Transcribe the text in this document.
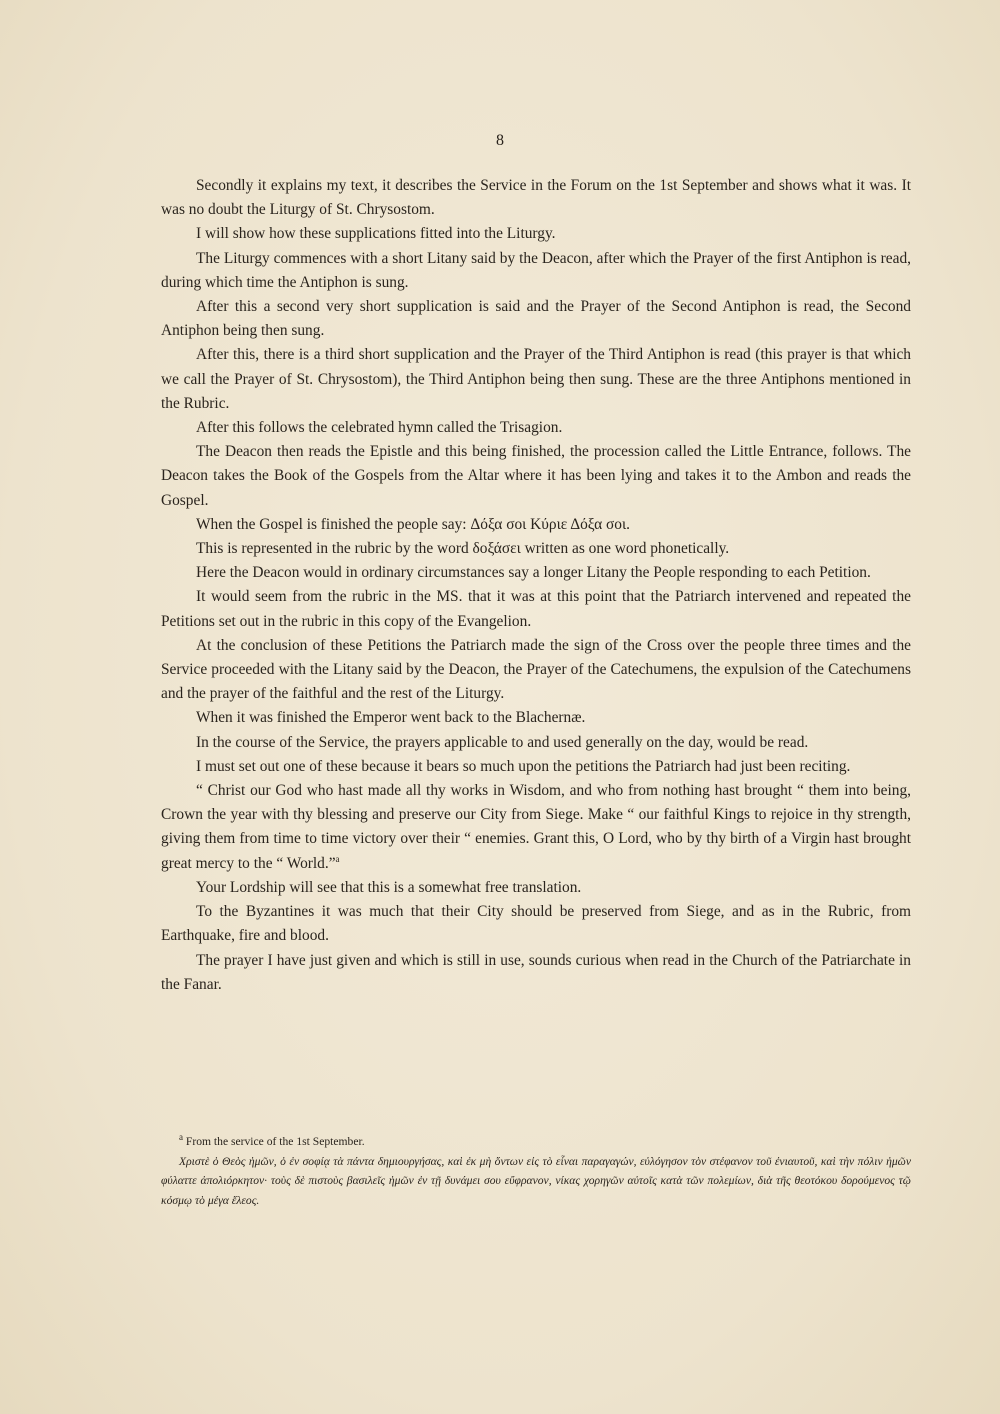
8

Secondly it explains my text, it describes the Service in the Forum on the 1st September and shows what it was. It was no doubt the Liturgy of St. Chrysostom.

I will show how these supplications fitted into the Liturgy.

The Liturgy commences with a short Litany said by the Deacon, after which the Prayer of the first Antiphon is read, during which time the Antiphon is sung.

After this a second very short supplication is said and the Prayer of the Second Antiphon is read, the Second Antiphon being then sung.

After this, there is a third short supplication and the Prayer of the Third Antiphon is read (this prayer is that which we call the Prayer of St. Chrysostom), the Third Antiphon being then sung. These are the three Antiphons mentioned in the Rubric.

After this follows the celebrated hymn called the Trisagion.

The Deacon then reads the Epistle and this being finished, the procession called the Little Entrance, follows. The Deacon takes the Book of the Gospels from the Altar where it has been lying and takes it to the Ambon and reads the Gospel.

When the Gospel is finished the people say: Δόξα σοι Κύριε Δόξα σοι.

This is represented in the rubric by the word δοξάσει written as one word phonetically.

Here the Deacon would in ordinary circumstances say a longer Litany the People responding to each Petition.

It would seem from the rubric in the MS. that it was at this point that the Patriarch intervened and repeated the Petitions set out in the rubric in this copy of the Evangelion.

At the conclusion of these Petitions the Patriarch made the sign of the Cross over the people three times and the Service proceeded with the Litany said by the Deacon, the Prayer of the Catechumens, the expulsion of the Catechumens and the prayer of the faithful and the rest of the Liturgy.

When it was finished the Emperor went back to the Blachernæ.

In the course of the Service, the prayers applicable to and used generally on the day, would be read.

I must set out one of these because it bears so much upon the petitions the Patriarch had just been reciting.

“ Christ our God who hast made all thy works in Wisdom, and who from nothing hast brought “ them into being, Crown the year with thy blessing and preserve our City from Siege. Make “ our faithful Kings to rejoice in thy strength, giving them from time to time victory over their “ enemies. Grant this, O Lord, who by thy birth of a Virgin hast brought great mercy to the “ World.”$^a$

Your Lordship will see that this is a somewhat free translation.

To the Byzantines it was much that their City should be preserved from Siege, and as in the Rubric, from Earthquake, fire and blood.

The prayer I have just given and which is still in use, sounds curious when read in the Church of the Patriarchate in the Fanar.

$^a$ From the service of the 1st September.

Χριστὲ ὁ Θεὸς ἡμῶν, ὁ ἐν σοφίᾳ τὰ πάντα δημιουργήσας, καὶ ἐκ μὴ ὄντων εἰς τὸ εἶναι παραγαγών, εὐλόγησον τὸν στέφανον τοῦ ἐνιαυτοῦ, καὶ τὴν πόλιν ἡμῶν φύλαττε ἀπολιόρκητον· τοὺς δὲ πιστοὺς βασιλεῖς ἡμῶν ἐν τῇ δυνάμει σου εὔφρανον, νίκας χορηγῶν αὐτοῖς κατὰ τῶν πολεμίων, διὰ τῆς θεοτόκου δορούμενος τῷ κόσμῳ τὸ μέγα ἔλεος.
